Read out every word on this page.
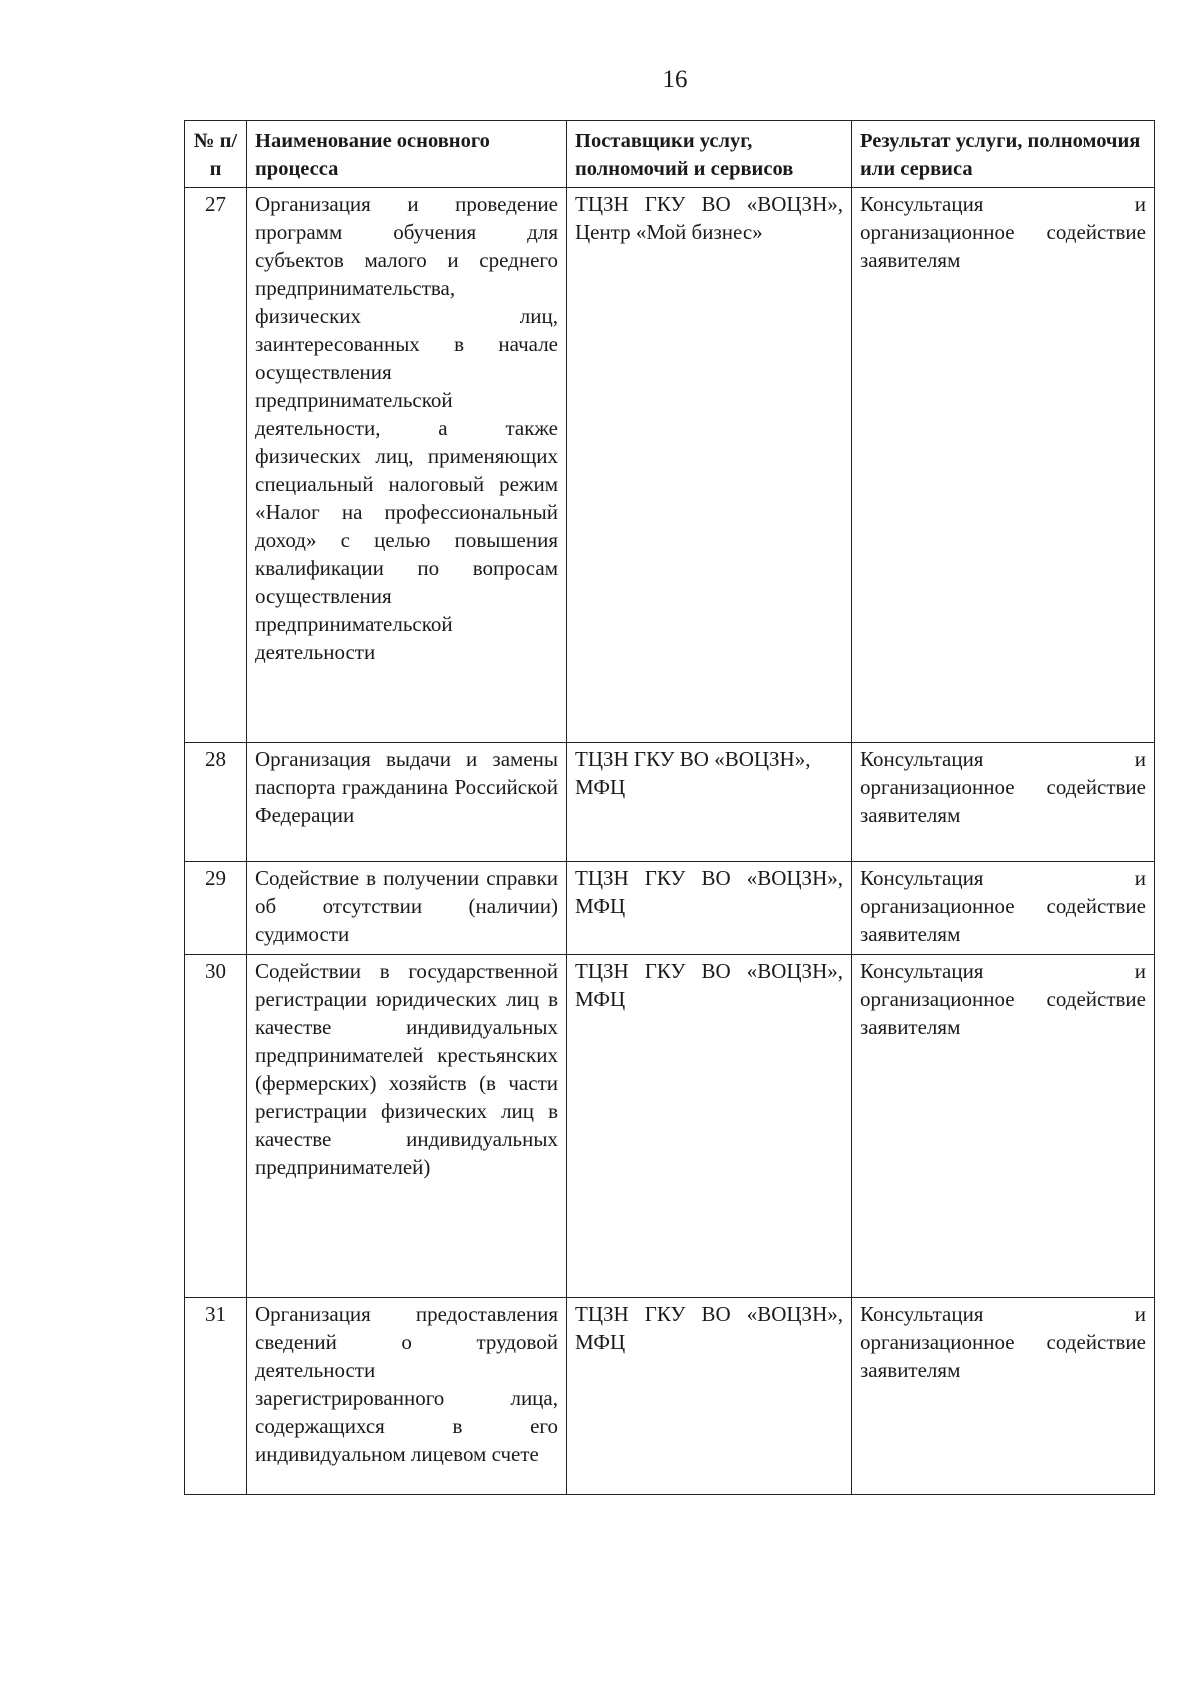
16
№ п/п	Наименование основного процесса	Поставщики услуг, полномочий и сервисов	Результат услуги, полномочия или сервиса
27	Организация и проведение программ обучения для субъектов малого и среднего предпринимательства, физических лиц, заинтересованных в начале осуществления предпринимательской деятельности, а также физических лиц, применяющих специальный налоговый режим «Налог на профессиональный доход» с целью повышения квалификации по вопросам осуществления предпринимательской деятельности	ТЦЗН ГКУ ВО «ВОЦЗН», Центр «Мой бизнес»	Консультация и организационное содействие заявителям
28	Организация выдачи и замены паспорта гражданина Российской Федерации	ТЦЗН ГКУ ВО «ВОЦЗН», МФЦ	Консультация и организационное содействие заявителям
29	Содействие в получении справки об отсутствии (наличии) судимости	ТЦЗН ГКУ ВО «ВОЦЗН», МФЦ	Консультация и организационное содействие заявителям
30	Содействии в государственной регистрации юридических лиц в качестве индивидуальных предпринимателей крестьянских (фермерских) хозяйств (в части регистрации физических лиц в качестве индивидуальных предпринимателей)	ТЦЗН ГКУ ВО «ВОЦЗН», МФЦ	Консультация и организационное содействие заявителям
31	Организация предоставления сведений о трудовой деятельности зарегистрированного лица, содержащихся в его индивидуальном лицевом счете	ТЦЗН ГКУ ВО «ВОЦЗН», МФЦ	Консультация и организационное содействие заявителям
